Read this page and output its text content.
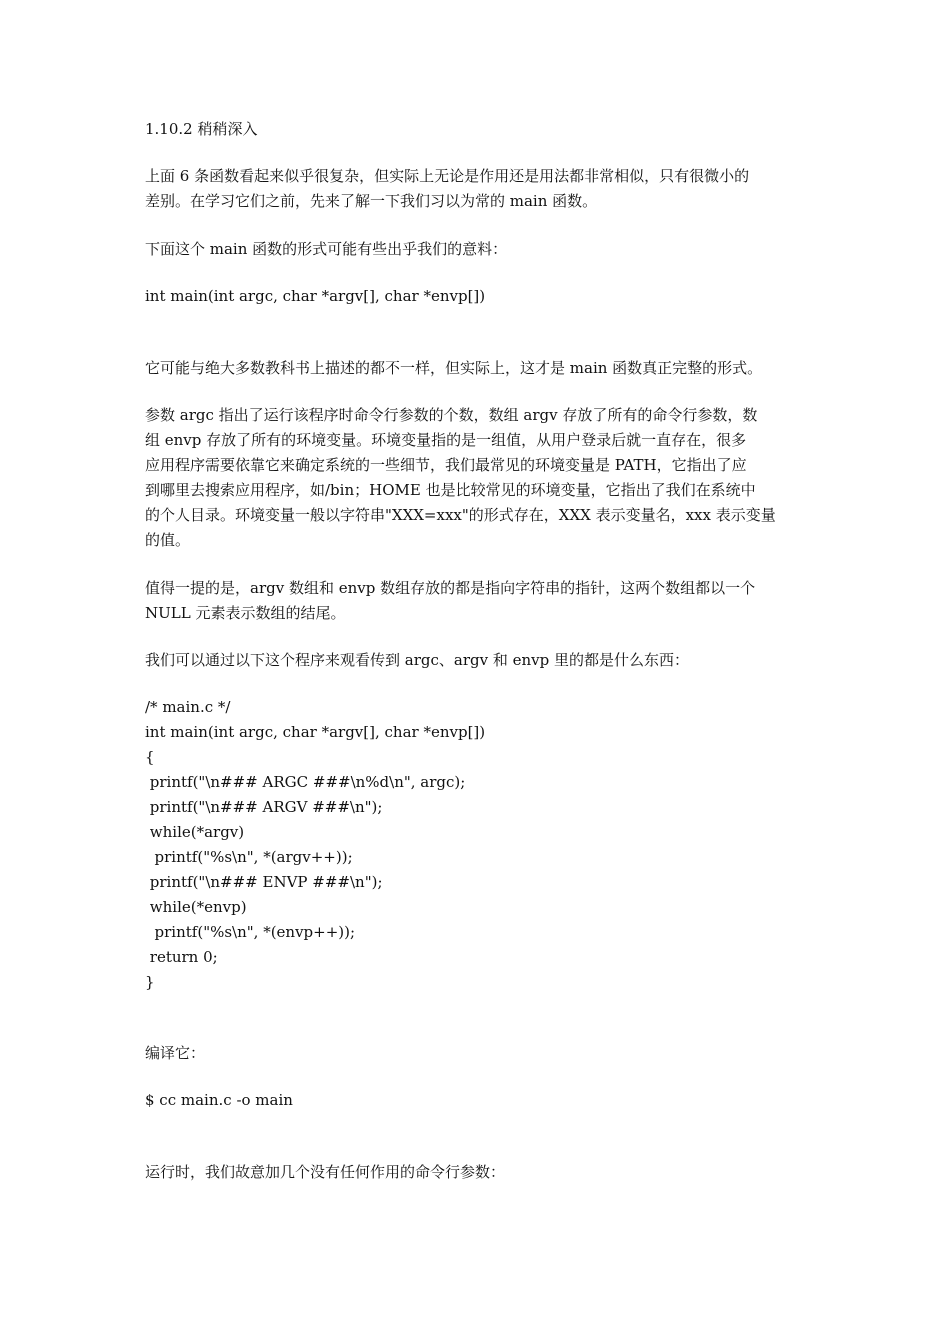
1.10.2 稍稍深入
上面 6 条函数看起来似乎很复杂，但实际上无论是作用还是用法都非常相似，只有很微小的
差别。在学习它们之前，先来了解一下我们习以为常的 main 函数。
下面这个 main 函数的形式可能有些出乎我们的意料：
int main(int argc, char *argv[], char *envp[])
它可能与绝大多数教科书上描述的都不一样，但实际上，这才是 main 函数真正完整的形式。
参数 argc 指出了运行该程序时命令行参数的个数，数组 argv 存放了所有的命令行参数，数
组 envp 存放了所有的环境变量。环境变量指的是一组值，从用户登录后就一直存在，很多
应用程序需要依靠它来确定系统的一些细节，我们最常见的环境变量是 PATH，它指出了应
到哪里去搜索应用程序，如/bin；HOME 也是比较常见的环境变量，它指出了我们在系统中
的个人目录。环境变量一般以字符串"XXX=xxx"的形式存在，XXX 表示变量名，xxx 表示变量
的值。
值得一提的是，argv 数组和 envp 数组存放的都是指向字符串的指针，这两个数组都以一个
NULL 元素表示数组的结尾。
我们可以通过以下这个程序来观看传到 argc、argv 和 envp 里的都是什么东西：
/* main.c */
int main(int argc, char *argv[], char *envp[])
{
printf("\n### ARGC ###\n%d\n", argc);
printf("\n### ARGV ###\n");
while(*argv)
printf("%s\n", *(argv++));
printf("\n### ENVP ###\n");
while(*envp)
printf("%s\n", *(envp++));
return 0;
}
编译它：
$ cc main.c -o main
运行时，我们故意加几个没有任何作用的命令行参数：
